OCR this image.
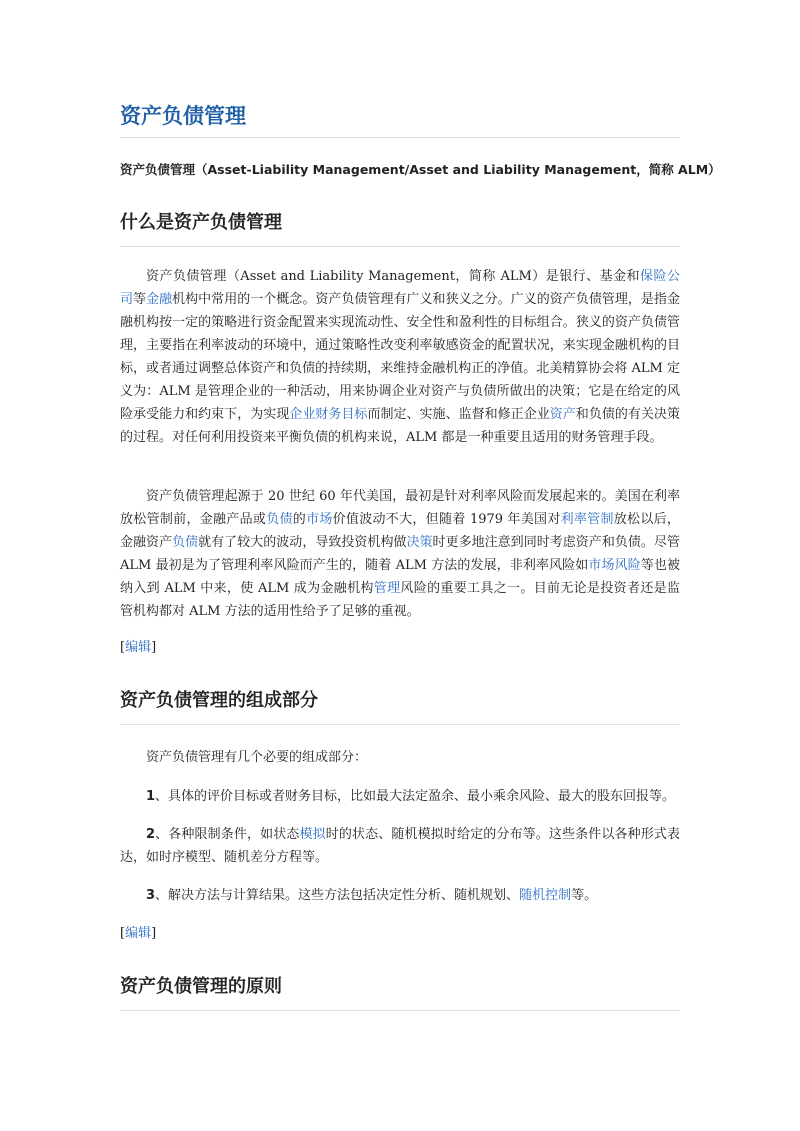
资产负债管理

资产负债管理（Asset-Liability Management/Asset and Liability Management，简称 ALM）

什么是资产负债管理

资产负债管理（Asset and Liability Management，简称 ALM）是银行、基金和保险公司等金融机构中常用的一个概念。资产负债管理有广义和狭义之分。广义的资产负债管理，是指金融机构按一定的策略进行资金配置来实现流动性、安全性和盈利性的目标组合。狭义的资产负债管理，主要指在利率波动的环境中，通过策略性改变利率敏感资金的配置状况，来实现金融机构的目标，或者通过调整总体资产和负债的持续期，来维持金融机构正的净值。北美精算协会将 ALM 定义为：ALM 是管理企业的一种活动，用来协调企业对资产与负债所做出的决策；它是在给定的风险承受能力和约束下，为实现企业财务目标而制定、实施、监督和修正企业资产和负债的有关决策的过程。对任何利用投资来平衡负债的机构来说，ALM 都是一种重要且适用的财务管理手段。

资产负债管理起源于 20 世纪 60 年代美国，最初是针对利率风险而发展起来的。美国在利率放松管制前，金融产品或负债的市场价值波动不大，但随着 1979 年美国对利率管制放松以后，金融资产负债就有了较大的波动，导致投资机构做决策时更多地注意到同时考虑资产和负债。尽管 ALM 最初是为了管理利率风险而产生的，随着 ALM 方法的发展，非利率风险如市场风险等也被纳入到 ALM 中来，使 ALM 成为金融机构管理风险的重要工具之一。目前无论是投资者还是监管机构都对 ALM 方法的适用性给予了足够的重视。

[编辑]

资产负债管理的组成部分

资产负债管理有几个必要的组成部分：

1、具体的评价目标或者财务目标，比如最大法定盈余、最小乘余风险、最大的股东回报等。

2、各种限制条件，如状态模拟时的状态、随机模拟时给定的分布等。这些条件以各种形式表达，如时序模型、随机差分方程等。

3、解决方法与计算结果。这些方法包括决定性分析、随机规划、随机控制等。

[编辑]

资产负债管理的原则
